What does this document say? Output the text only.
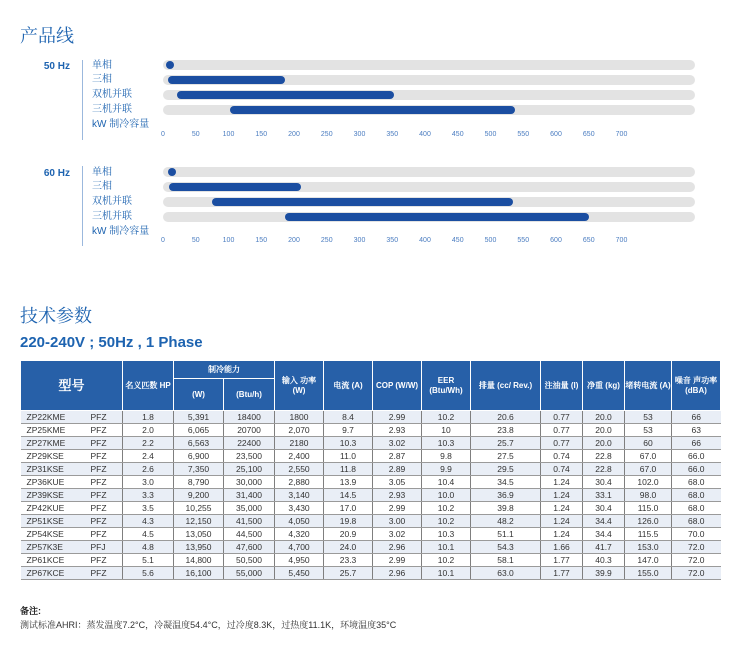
产品线
50 Hz 单相
三相
双机并联
三机并联
kW 制冷容量
0	50	100	150	200	250	300	350	400	450	500	550	600	650	700
60 Hz 单相
三相
双机并联
三机并联
kW 制冷容量
0	50	100	150	200	250	300	350	400	450	500	550	600	650	700
技术参数
220-240V ; 50Hz , 1 Phase
型号		名义匹数 HP	制冷能力		输入 功率 (W)	电流 (A)	COP (W/W)	EER (Btu/Wh)	排量 (cc/ Rev.)	注油量 (l)	净重 (kg)	堵转电流 (A)	噪音 声功率 (dBA)
			(W)	(Btu/h)									
ZP22KME	PFZ	1.8	5,391	18400	1800	8.4	2.99	10.2	20.6	0.77	20.0	53	66
ZP25KME	PFZ	2.0	6,065	20700	2,070	9.7	2.93	10	23.8	0.77	20.0	53	63
ZP27KME	PFZ	2.2	6,563	22400	2180	10.3	3.02	10.3	25.7	0.77	20.0	60	66
ZP29KSE	PFZ	2.4	6,900	23,500	2,400	11.0	2.87	9.8	27.5	0.74	22.8	67.0	66.0
ZP31KSE	PFZ	2.6	7,350	25,100	2,550	11.8	2.89	9.9	29.5	0.74	22.8	67.0	66.0
ZP36KUE	PFZ	3.0	8,790	30,000	2,880	13.9	3.05	10.4	34.5	1.24	30.4	102.0	68.0
ZP39KSE	PFZ	3.3	9,200	31,400	3,140	14.5	2.93	10.0	36.9	1.24	33.1	98.0	68.0
ZP42KUE	PFZ	3.5	10,255	35,000	3,430	17.0	2.99	10.2	39.8	1.24	30.4	115.0	68.0
ZP51KSE	PFZ	4.3	12,150	41,500	4,050	19.8	3.00	10.2	48.2	1.24	34.4	126.0	68.0
ZP54KSE	PFZ	4.5	13,050	44,500	4,320	20.9	3.02	10.3	51.1	1.24	34.4	115.5	70.0
ZP57K3E	PFJ	4.8	13,950	47,600	4,700	24.0	2.96	10.1	54.3	1.66	41.7	153.0	72.0
ZP61KCE	PFZ	5.1	14,800	50,500	4,950	23.3	2.99	10.2	58.1	1.77	40.3	147.0	72.0
ZP67KCE	PFZ	5.6	16,100	55,000	5,450	25.7	2.96	10.1	63.0	1.77	39.9	155.0	72.0
备注:
测试标准AHRI：蒸发温度7.2°C，冷凝温度54.4°C，过冷度8.3K，过热度11.1K，环境温度35°C
